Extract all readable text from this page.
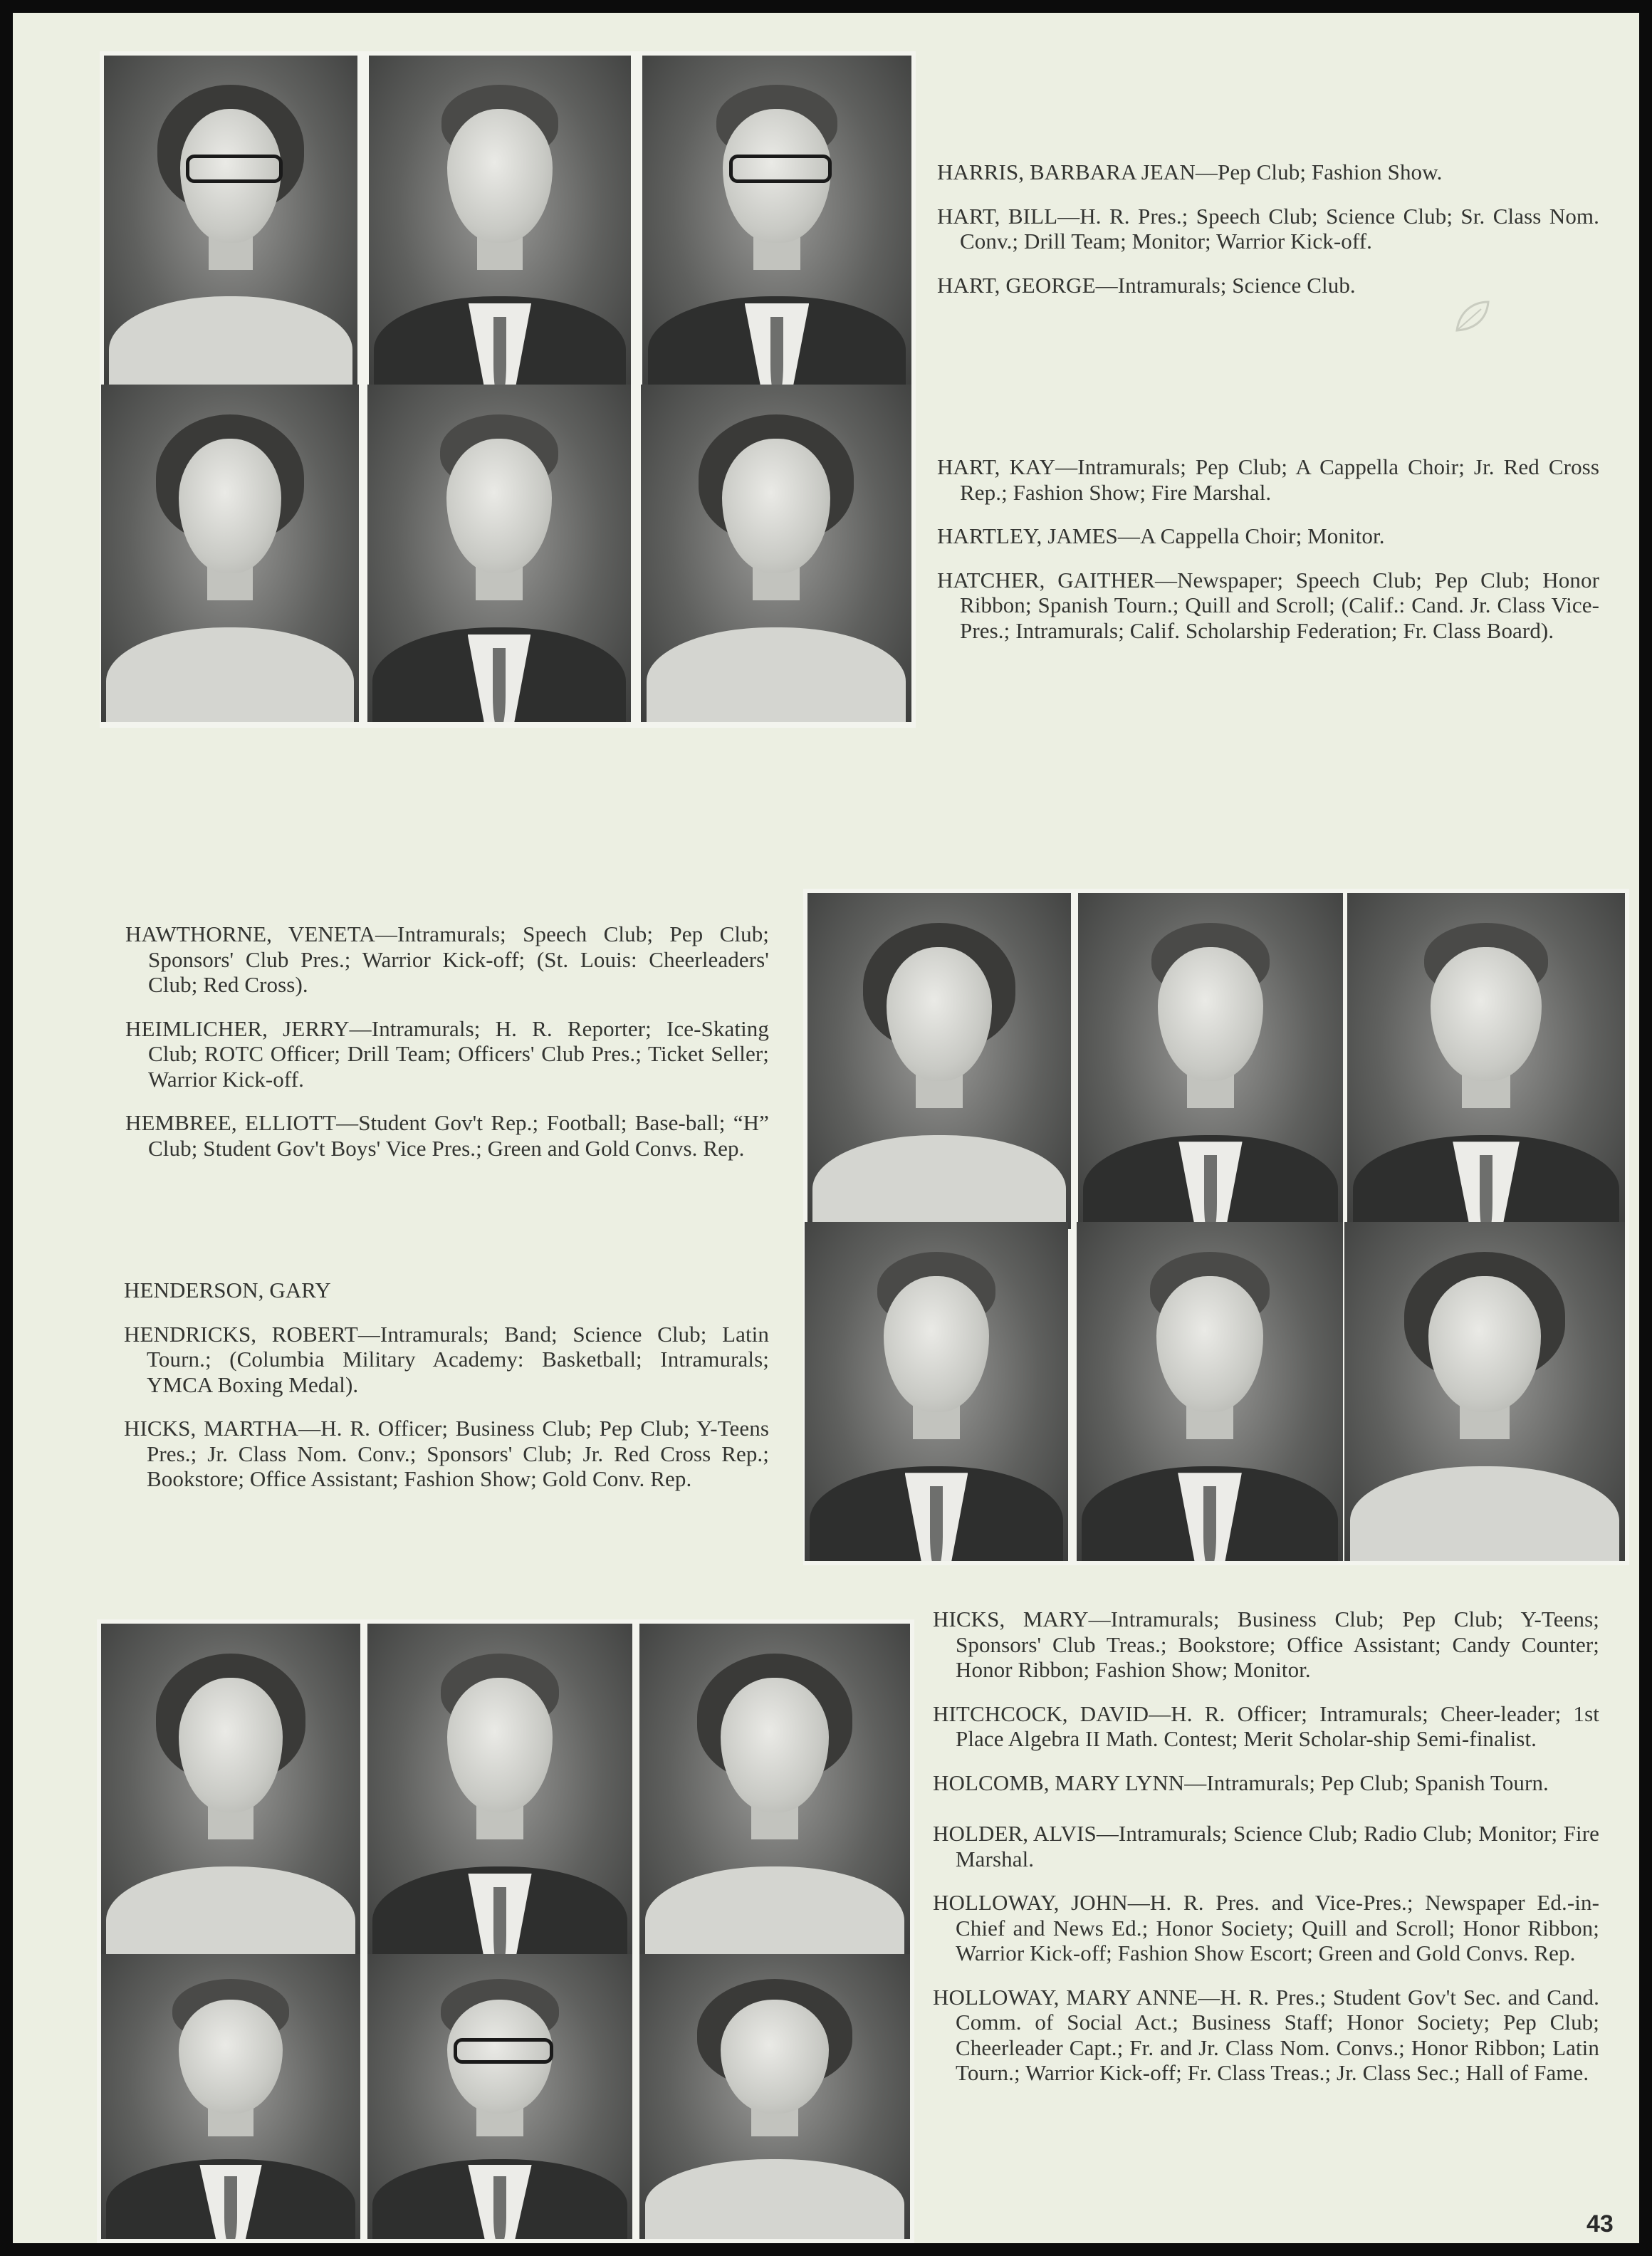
HARRIS, BARBARA JEAN—Pep Club; Fashion Show.

HART, BILL—H. R. Pres.; Speech Club; Science Club; Sr. Class Nom. Conv.; Drill Team; Monitor; Warrior Kick-off.

HART, GEORGE—Intramurals; Science Club.

HART, KAY—Intramurals; Pep Club; A Cappella Choir; Jr. Red Cross Rep.; Fashion Show; Fire Marshal.

HARTLEY, JAMES—A Cappella Choir; Monitor.

HATCHER, GAITHER—Newspaper; Speech Club; Pep Club; Honor Ribbon; Spanish Tourn.; Quill and Scroll; (Calif.: Cand. Jr. Class Vice-Pres.; Intramurals; Calif. Scholarship Federation; Fr. Class Board).

HAWTHORNE, VENETA—Intramurals; Speech Club; Pep Club; Sponsors' Club Pres.; Warrior Kick-off; (St. Louis: Cheerleaders' Club; Red Cross).

HEIMLICHER, JERRY—Intramurals; H. R. Reporter; Ice-Skating Club; ROTC Officer; Drill Team; Officers' Club Pres.; Ticket Seller; Warrior Kick-off.

HEMBREE, ELLIOTT—Student Gov't Rep.; Football; Base-ball; “H” Club; Student Gov't Boys' Vice Pres.; Green and Gold Convs. Rep.

HENDERSON, GARY

HENDRICKS, ROBERT—Intramurals; Band; Science Club; Latin Tourn.; (Columbia Military Academy: Basketball; Intramurals; YMCA Boxing Medal).

HICKS, MARTHA—H. R. Officer; Business Club; Pep Club; Y-Teens Pres.; Jr. Class Nom. Conv.; Sponsors' Club; Jr. Red Cross Rep.; Bookstore; Office Assistant; Fashion Show; Gold Conv. Rep.

HICKS, MARY—Intramurals; Business Club; Pep Club; Y-Teens; Sponsors' Club Treas.; Bookstore; Office Assistant; Candy Counter; Honor Ribbon; Fashion Show; Monitor.

HITCHCOCK, DAVID—H. R. Officer; Intramurals; Cheer-leader; 1st Place Algebra II Math. Contest; Merit Scholar-ship Semi-finalist.

HOLCOMB, MARY LYNN—Intramurals; Pep Club; Spanish Tourn.

HOLDER, ALVIS—Intramurals; Science Club; Radio Club; Monitor; Fire Marshal.

HOLLOWAY, JOHN—H. R. Pres. and Vice-Pres.; Newspaper Ed.-in-Chief and News Ed.; Honor Society; Quill and Scroll; Honor Ribbon; Warrior Kick-off; Fashion Show Escort; Green and Gold Convs. Rep.

HOLLOWAY, MARY ANNE—H. R. Pres.; Student Gov't Sec. and Cand. Comm. of Social Act.; Business Staff; Honor Society; Pep Club; Cheerleader Capt.; Fr. and Jr. Class Nom. Convs.; Honor Ribbon; Latin Tourn.; Warrior Kick-off; Fr. Class Treas.; Jr. Class Sec.; Hall of Fame.

43
